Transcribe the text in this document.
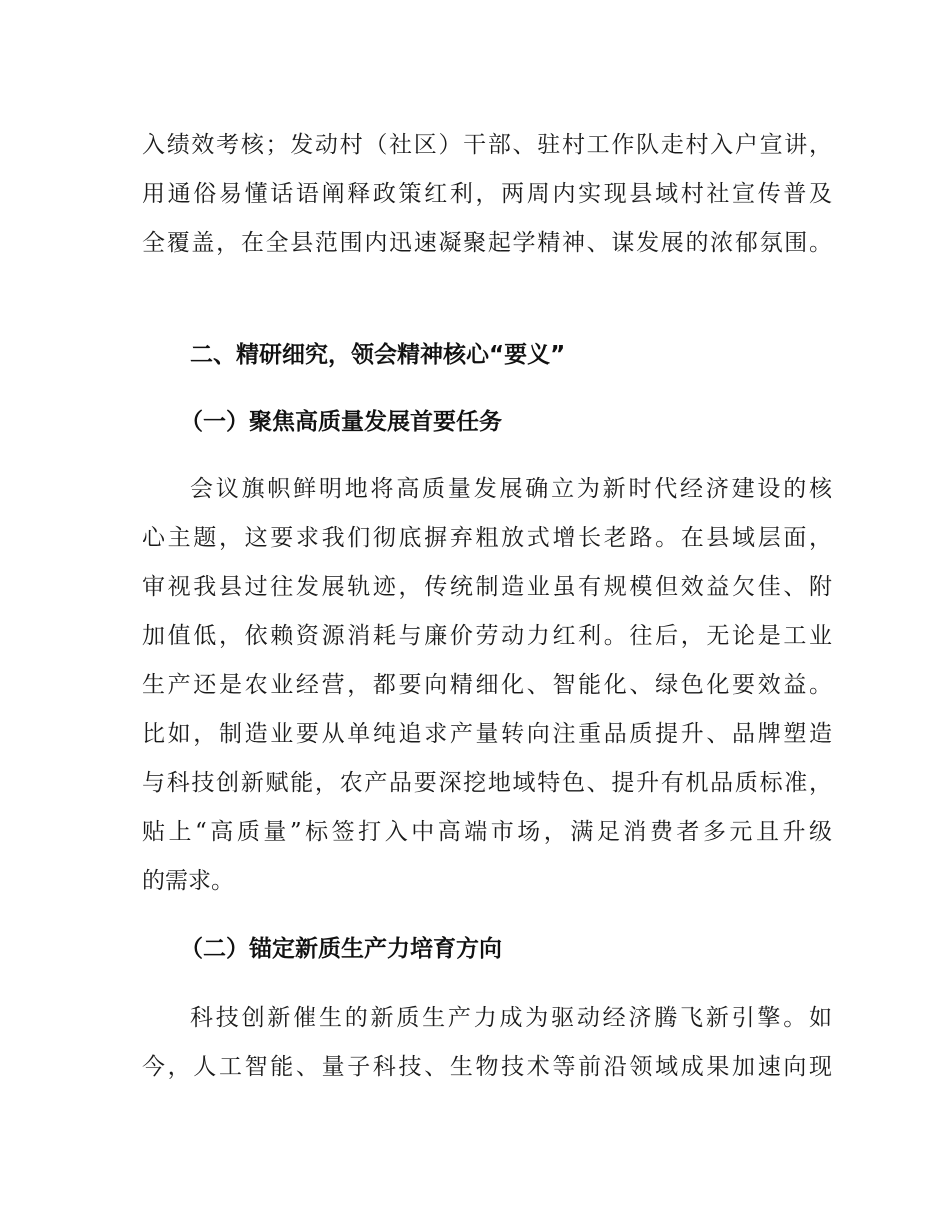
入绩效考核；发动村（社区）干部、驻村工作队走村入户宣讲，
用通俗易懂话语阐释政策红利，两周内实现县域村社宣传普及
全覆盖，在全县范围内迅速凝聚起学精神、谋发展的浓郁氛围。
二、精研细究，领会精神核心“要义”
（一）聚焦高质量发展首要任务
会议旗帜鲜明地将高质量发展确立为新时代经济建设的核
心主题，这要求我们彻底摒弃粗放式增长老路。在县域层面，
审视我县过往发展轨迹，传统制造业虽有规模但效益欠佳、附
加值低，依赖资源消耗与廉价劳动力红利。往后，无论是工业
生产还是农业经营，都要向精细化、智能化、绿色化要效益。
比如，制造业要从单纯追求产量转向注重品质提升、品牌塑造
与科技创新赋能，农产品要深挖地域特色、提升有机品质标准，
贴上“高质量”标签打入中高端市场，满足消费者多元且升级
的需求。
（二）锚定新质生产力培育方向
科技创新催生的新质生产力成为驱动经济腾飞新引擎。如
今，人工智能、量子科技、生物技术等前沿领域成果加速向现
